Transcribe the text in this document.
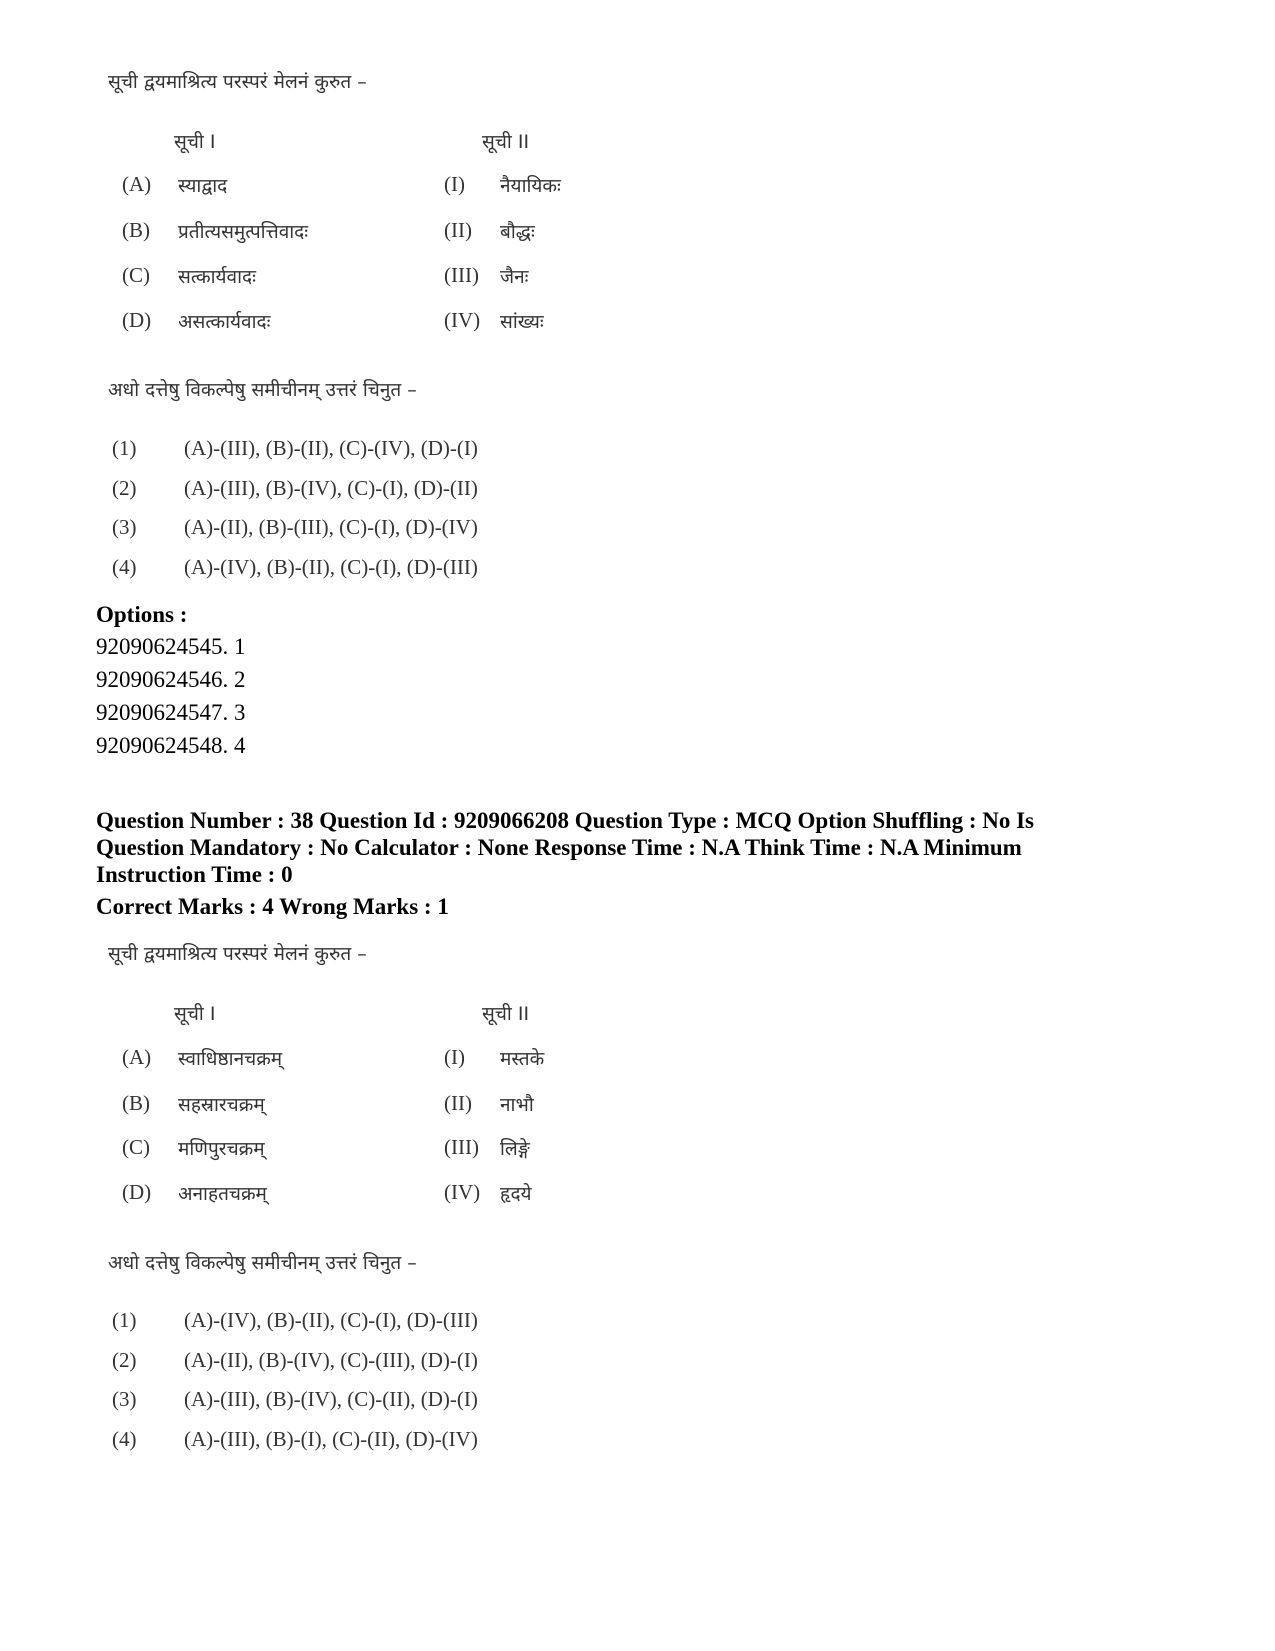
सूची द्वयमाश्रित्य परस्परं मेलनं कुरुत –
सूची I	सूची II
(A) स्याद्वाद	(I) नैयायिकः
(B) प्रतीत्यसमुत्पत्तिवादः	(II) बौद्धः
(C) सत्कार्यवादः	(III) जैनः
(D) असत्कार्यवादः	(IV) सांख्यः
अधो दत्तेषु विकल्पेषु समीचीनम् उत्तरं चिनुत –
(1) (A)-(III), (B)-(II), (C)-(IV), (D)-(I)
(2) (A)-(III), (B)-(IV), (C)-(I), (D)-(II)
(3) (A)-(II), (B)-(III), (C)-(I), (D)-(IV)
(4) (A)-(IV), (B)-(II), (C)-(I), (D)-(III)
Options :
92090624545. 1
92090624546. 2
92090624547. 3
92090624548. 4
Question Number : 38 Question Id : 9209066208 Question Type : MCQ Option Shuffling : No Is
Question Mandatory : No Calculator : None Response Time : N.A Think Time : N.A Minimum
Instruction Time : 0
Correct Marks : 4 Wrong Marks : 1
सूची द्वयमाश्रित्य परस्परं मेलनं कुरुत –
सूची I	सूची II
(A) स्वाधिष्ठानचक्रम्	(I) मस्तके
(B) सहस्रारचक्रम्	(II) नाभौ
(C) मणिपुरचक्रम्	(III) लिङ्गे
(D) अनाहतचक्रम्	(IV) हृदये
अधो दत्तेषु विकल्पेषु समीचीनम् उत्तरं चिनुत –
(1) (A)-(IV), (B)-(II), (C)-(I), (D)-(III)
(2) (A)-(II), (B)-(IV), (C)-(III), (D)-(I)
(3) (A)-(III), (B)-(IV), (C)-(II), (D)-(I)
(4) (A)-(III), (B)-(I), (C)-(II), (D)-(IV)
